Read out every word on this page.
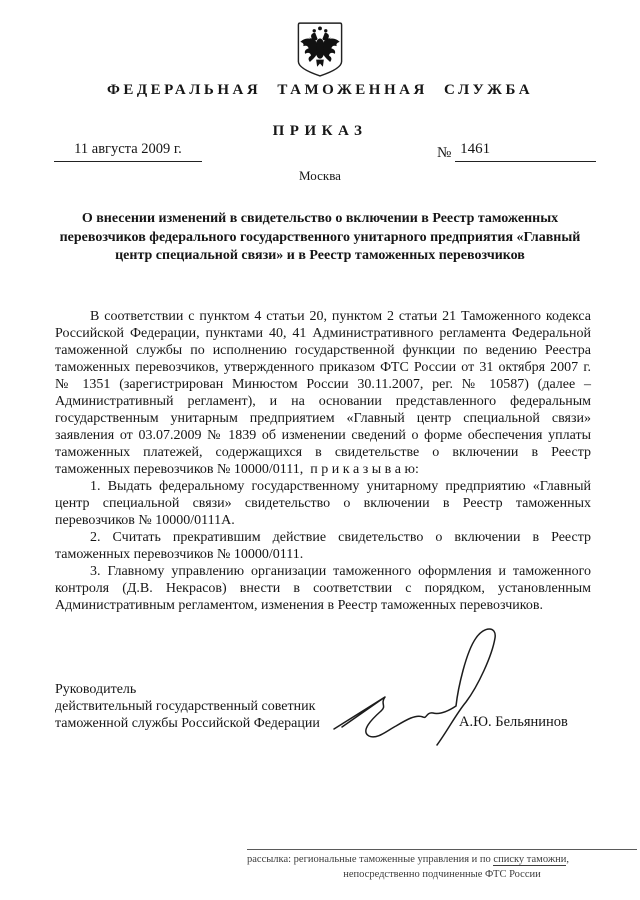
ФЕДЕРАЛЬНАЯ ТАМОЖЕННАЯ СЛУЖБА
ПРИКАЗ
11 августа 2009 г.	№ 1461
Москва
О внесении изменений в свидетельство о включении в Реестр таможенных перевозчиков федерального государственного унитарного предприятия «Главный центр специальной связи» и в Реестр таможенных перевозчиков

В соответствии с пунктом 4 статьи 20, пунктом 2 статьи 21 Таможенного кодекса Российской Федерации, пунктами 40, 41 Административного регламента Федеральной таможенной службы по исполнению государственной функции по ведению Реестра таможенных перевозчиков, утвержденного приказом ФТС России от 31 октября 2007 г. № 1351 (зарегистрирован Минюстом России 30.11.2007, рег. № 10587) (далее – Административный регламент), и на основании представленного федеральным государственным унитарным предприятием «Главный центр специальной связи» заявления от 03.07.2009 № 1839 об изменении сведений о форме обеспечения уплаты таможенных платежей, содержащихся в свидетельстве о включении в Реестр таможенных перевозчиков № 10000/0111, п р и к а з ы в а ю:

1. Выдать федеральному государственному унитарному предприятию «Главный центр специальной связи» свидетельство о включении в Реестр таможенных перевозчиков № 10000/0111А.

2. Считать прекратившим действие свидетельство о включении в Реестр таможенных перевозчиков № 10000/0111.

3. Главному управлению организации таможенного оформления и таможенного контроля (Д.В. Некрасов) внести в соответствии с порядком, установленным Административным регламентом, изменения в Реестр таможенных перевозчиков.

Руководитель
действительный государственный советник
таможенной службы Российской Федерации	А.Ю. Бельянинов
рассылка: региональные таможенные управления и по списку таможни,
непосредственно подчиненные ФТС России
